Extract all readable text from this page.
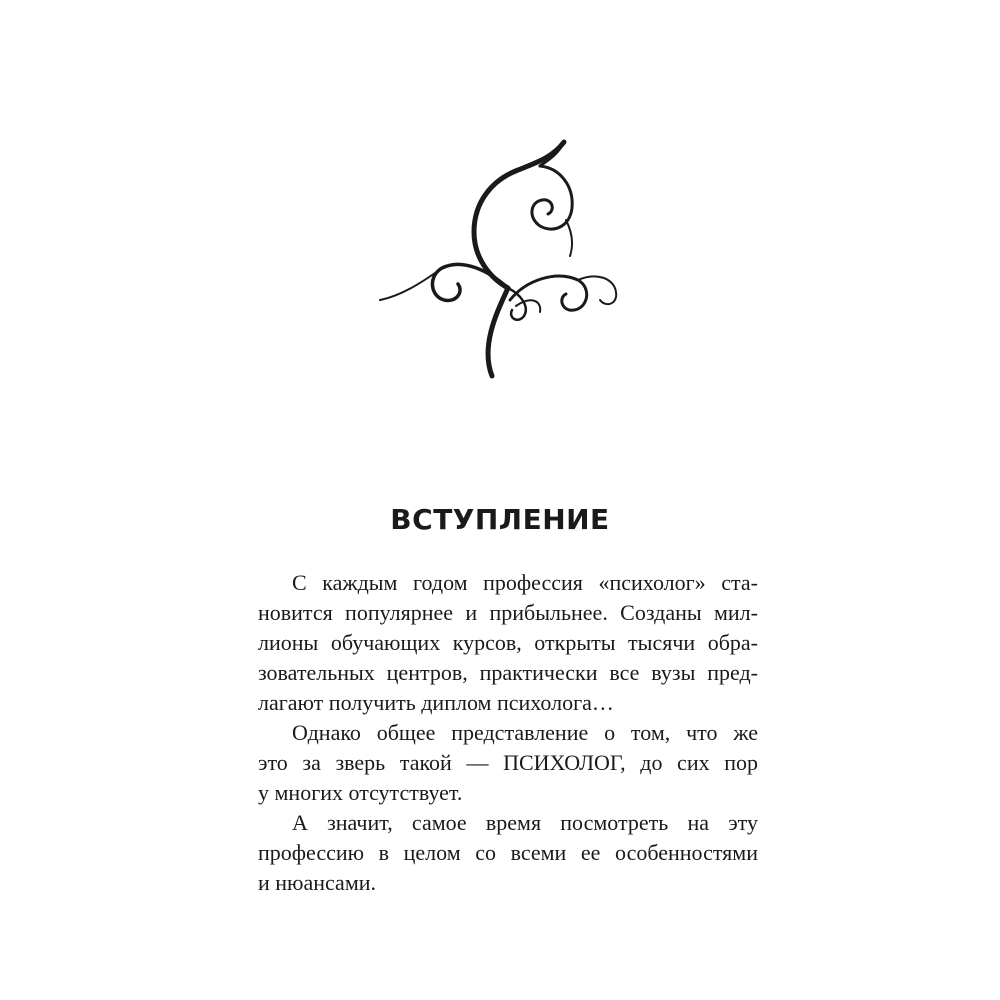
ВСТУПЛЕНИЕ

С каждым годом профессия «психолог» ста-
новится популярнее и прибыльнее. Созданы мил-
лионы обучающих курсов, открыты тысячи обра-
зовательных центров, практически все вузы пред-
лагают получить диплом психолога…

Однако общее представление о том, что же
это за зверь такой — ПСИХОЛОГ, до сих пор
у многих отсутствует.

А значит, самое время посмотреть на эту
профессию в целом со всеми ее особенностями
и нюансами.
